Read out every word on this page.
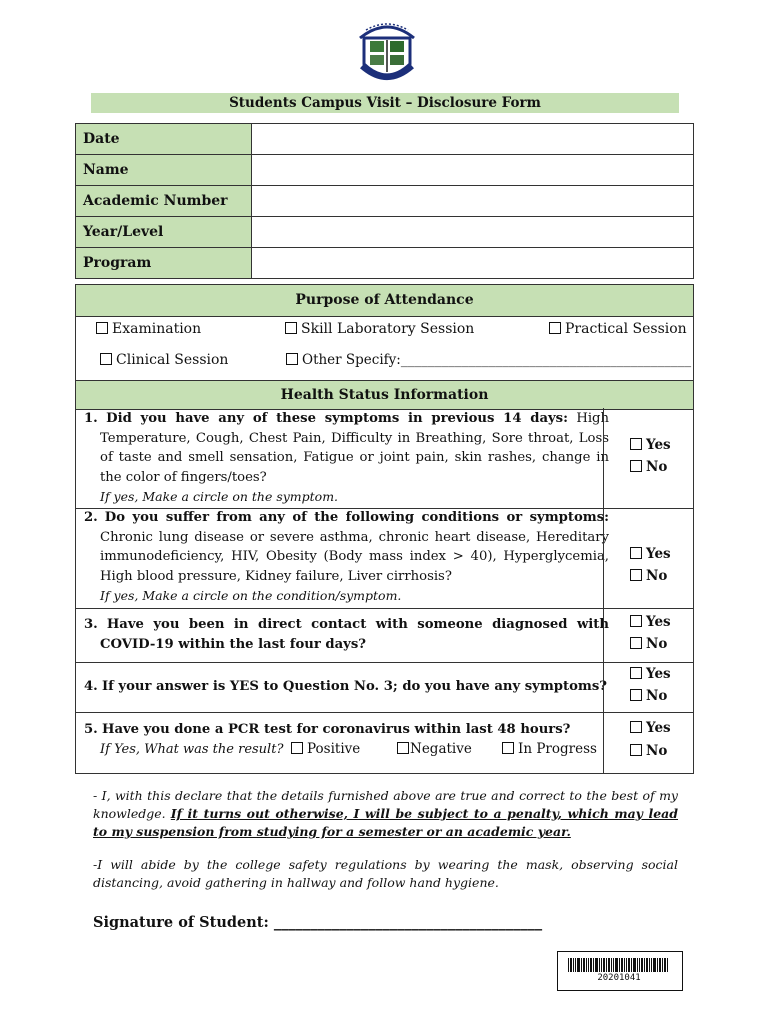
Students Campus Visit – Disclosure Form
Date	
Name	
Academic Number	
Year/Level	
Program	
Purpose of Attendance
Examination	Skill Laboratory Session	Practical Session
Clinical Session	Other Specify:___________________________________________
Health Status Information
1. Did you have any of these symptoms in previous 14 days: High Temperature, Cough, Chest Pain, Difficulty in Breathing, Sore throat, Loss of taste and smell sensation, Fatigue or joint pain, skin rashes, change in the color of fingers/toes?
If yes, Make a circle on the symptom.
Yes
No
2. Do you suffer from any of the following conditions or symptoms: Chronic lung disease or severe asthma, chronic heart disease, Hereditary immunodeficiency, HIV, Obesity (Body mass index > 40), Hyperglycemia, High blood pressure, Kidney failure, Liver cirrhosis?
If yes, Make a circle on the condition/symptom.
Yes
No
3. Have you been in direct contact with someone diagnosed with COVID-19 within the last four days?
Yes
No
4. If your answer is YES to Question No. 3; do you have any symptoms?
Yes
No
5. Have you done a PCR test for coronavirus within last 48 hours?
If Yes, What was the result?	Positive	Negative	In Progress
Yes
No
- I, with this declare that the details furnished above are true and correct to the best of my knowledge. If it turns out otherwise, I will be subject to a penalty, which may lead to my suspension from studying for a semester or an academic year.
-I will abide by the college safety regulations by wearing the mask, observing social distancing, avoid gathering in hallway and follow hand hygiene.
Signature of Student: _____________________________________
20201041
